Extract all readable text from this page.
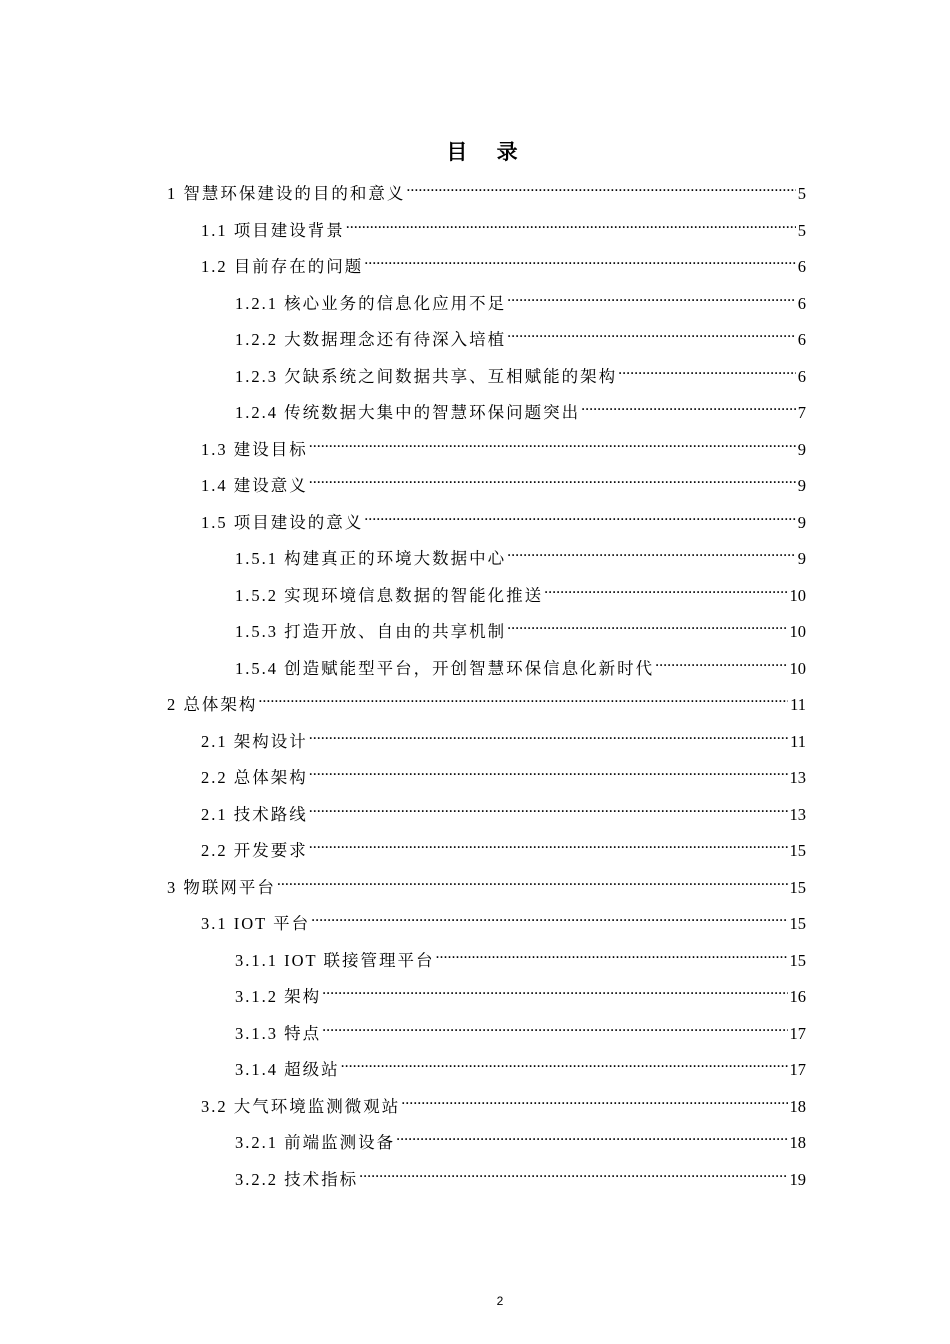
目 录
1 智慧环保建设的目的和意义 .....	5
1.1 项目建设背景 .....	5
1.2 目前存在的问题 .....	6
1.2.1 核心业务的信息化应用不足 .....	6
1.2.2 大数据理念还有待深入培植 .....	6
1.2.3 欠缺系统之间数据共享、互相赋能的架构 .....	6
1.2.4 传统数据大集中的智慧环保问题突出 .....	7
1.3 建设目标 .....	9
1.4 建设意义 .....	9
1.5 项目建设的意义 .....	9
1.5.1 构建真正的环境大数据中心 .....	9
1.5.2 实现环境信息数据的智能化推送 .....	10
1.5.3 打造开放、自由的共享机制 .....	10
1.5.4 创造赋能型平台，开创智慧环保信息化新时代 .....	10
2 总体架构 .....	11
2.1 架构设计 .....	11
2.2 总体架构 .....	13
2.1 技术路线 .....	13
2.2 开发要求 .....	15
3 物联网平台 .....	15
3.1 IOT 平台 .....	15
3.1.1 IOT 联接管理平台 .....	15
3.1.2 架构 .....	16
3.1.3 特点 .....	17
3.1.4 超级站 .....	17
3.2 大气环境监测微观站 .....	18
3.2.1 前端监测设备 .....	18
3.2.2 技术指标 .....	19
2
